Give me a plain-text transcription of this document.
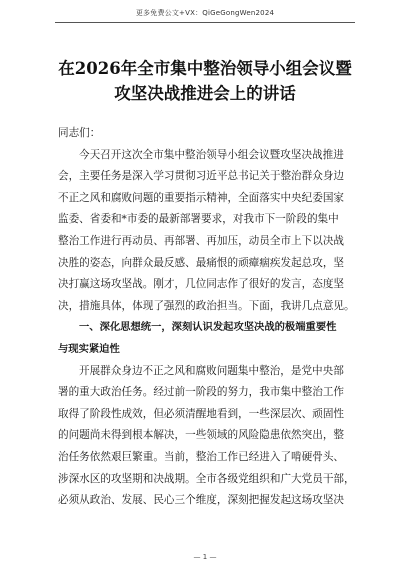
更多免费公文+VX：QiGeGongWen2024
在2026年全市集中整治领导小组会议暨
攻坚决战推进会上的讲话
同志们：
今天召开这次全市集中整治领导小组会议暨攻坚决战推进
会，主要任务是深入学习贯彻习近平总书记关于整治群众身边
不正之风和腐败问题的重要指示精神，全面落实中央纪委国家
监委、省委和*市委的最新部署要求，对我市下一阶段的集中
整治工作进行再动员、再部署、再加压，动员全市上下以决战
决胜的姿态，向群众最反感、最痛恨的顽瘴痼疾发起总攻，坚
决打赢这场攻坚战。刚才，几位同志作了很好的发言，态度坚
决，措施具体，体现了强烈的政治担当。下面，我讲几点意见。
一、深化思想统一，深刻认识发起攻坚决战的极端重要性
与现实紧迫性
开展群众身边不正之风和腐败问题集中整治，是党中央部
署的重大政治任务。经过前一阶段的努力，我市集中整治工作
取得了阶段性成效，但必须清醒地看到，一些深层次、顽固性
的问题尚未得到根本解决，一些领域的风险隐患依然突出，整
治任务依然艰巨繁重。当前，整治工作已经进入了啃硬骨头、
涉深水区的攻坚期和决战期。全市各级党组织和广大党员干部，
必须从政治、发展、民心三个维度，深刻把握发起这场攻坚决
— 1 —
